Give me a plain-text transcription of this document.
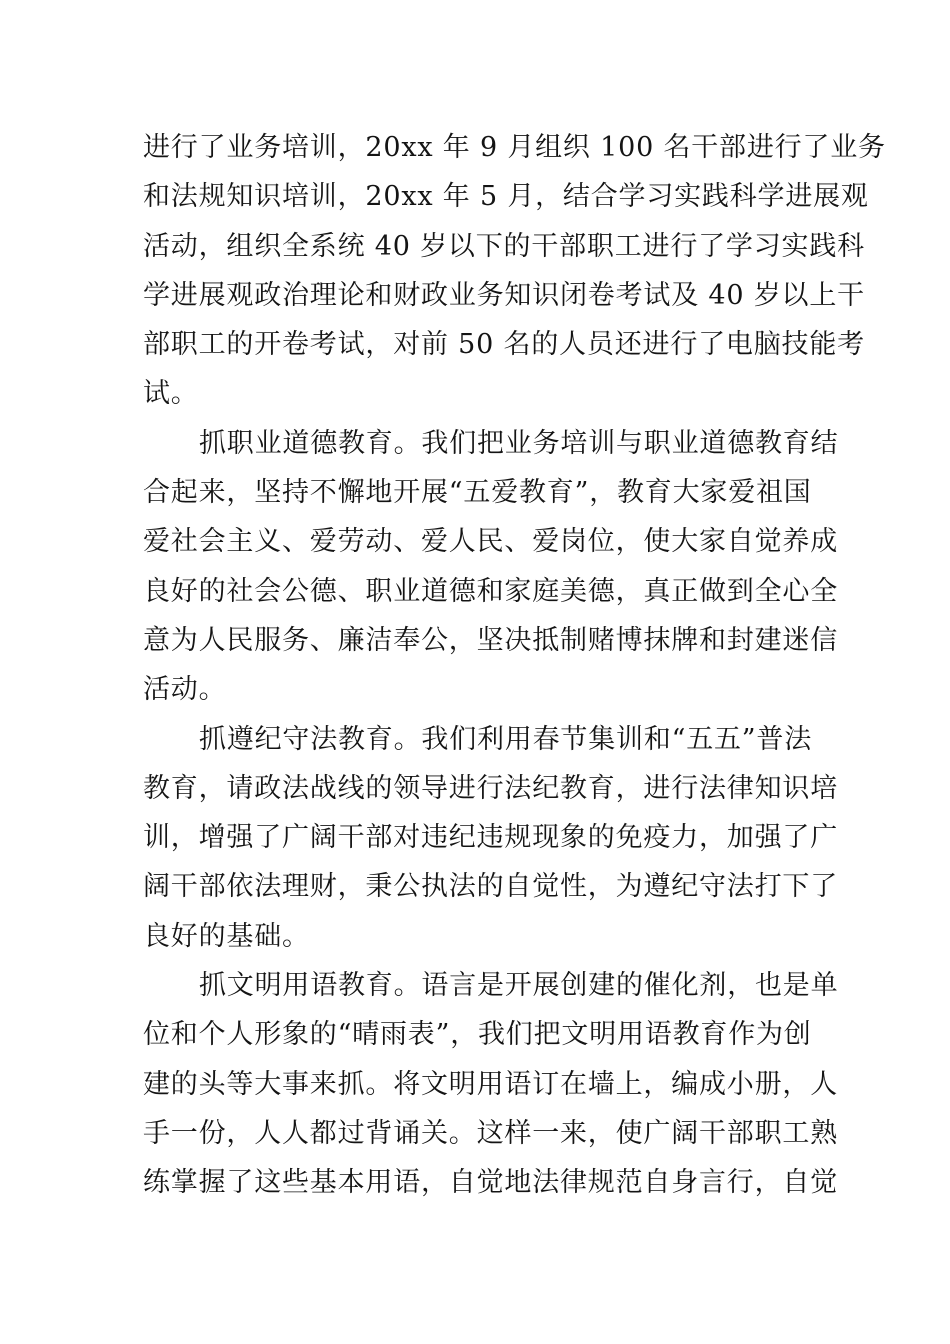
进行了业务培训，20xx 年 9 月组织 100 名干部进行了业务
和法规知识培训，20xx 年 5 月，结合学习实践科学进展观
活动，组织全系统 40 岁以下的干部职工进行了学习实践科
学进展观政治理论和财政业务知识闭卷考试及 40 岁以上干
部职工的开卷考试，对前 50 名的人员还进行了电脑技能考
试。
抓职业道德教育。我们把业务培训与职业道德教育结
合起来，坚持不懈地开展“五爱教育”，教育大家爱祖国
爱社会主义、爱劳动、爱人民、爱岗位，使大家自觉养成
良好的社会公德、职业道德和家庭美德，真正做到全心全
意为人民服务、廉洁奉公，坚决抵制赌博抹牌和封建迷信
活动。
抓遵纪守法教育。我们利用春节集训和“五五”普法
教育，请政法战线的领导进行法纪教育，进行法律知识培
训，增强了广阔干部对违纪违规现象的免疫力，加强了广
阔干部依法理财，秉公执法的自觉性，为遵纪守法打下了
良好的基础。
抓文明用语教育。语言是开展创建的催化剂，也是单
位和个人形象的“晴雨表”，我们把文明用语教育作为创
建的头等大事来抓。将文明用语订在墙上，编成小册，人
手一份，人人都过背诵关。这样一来，使广阔干部职工熟
练掌握了这些基本用语，自觉地法律规范自身言行，自觉
